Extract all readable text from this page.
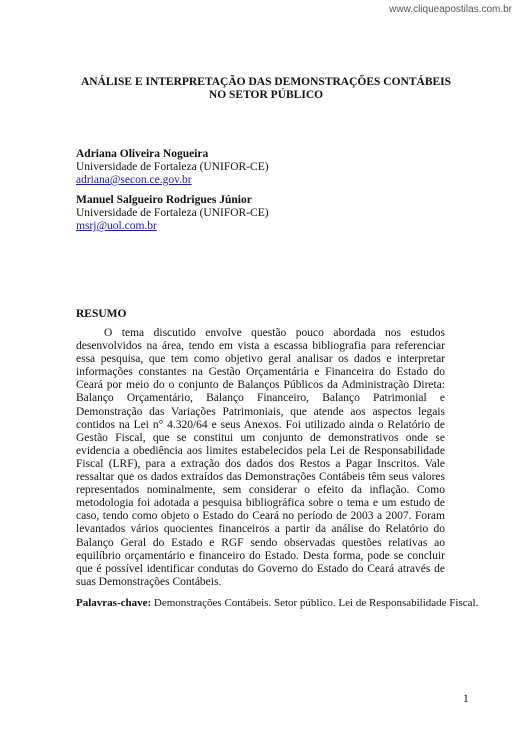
www.cliqueapostilas.com.br
ANÁLISE E INTERPRETAÇÃO DAS DEMONSTRAÇÕES CONTÁBEIS NO SETOR PÚBLICO
Adriana Oliveira Nogueira
Universidade de Fortaleza (UNIFOR-CE)
adriana@secon.ce.gov.br
Manuel Salgueiro Rodrigues Júnior
Universidade de Fortaleza (UNIFOR-CE)
msrj@uol.com.br
RESUMO

O tema discutido envolve questão pouco abordada nos estudos desenvolvidos na área, tendo em vista a escassa bibliografia para referenciar essa pesquisa, que tem como objetivo geral analisar os dados e interpretar informações constantes na Gestão Orçamentária e Financeira do Estado do Ceará por meio do o conjunto de Balanços Públicos da Administração Direta: Balanço Orçamentário, Balanço Financeiro, Balanço Patrimonial e Demonstração das Variações Patrimoniais, que atende aos aspectos legais contidos na Lei n° 4.320/64 e seus Anexos. Foi utilizado ainda o Relatório de Gestão Fiscal, que se constitui um conjunto de demonstrativos onde se evidencia a obediência aos limites estabelecidos pela Lei de Responsabilidade Fiscal (LRF), para a extração dos dados dos Restos a Pagar Inscritos. Vale ressaltar que os dados extraídos das Demonstrações Contábeis têm seus valores representados nominalmente, sem considerar o efeito da inflação. Como metodologia foi adotada a pesquisa bibliográfica sobre o tema e um estudo de caso, tendo como objeto o Estado do Ceará no período de 2003 a 2007. Foram levantados vários quocientes financeiros a partir da análise do Relatório do Balanço Geral do Estado e RGF sendo observadas questões relativas ao equilíbrio orçamentário e financeiro do Estado. Desta forma, pode se concluir que é possível identificar condutas do Governo do Estado do Ceará através de suas Demonstrações Contábeis.

Palavras-chave: Demonstrações Contábeis. Setor público. Lei de Responsabilidade Fiscal.
1
